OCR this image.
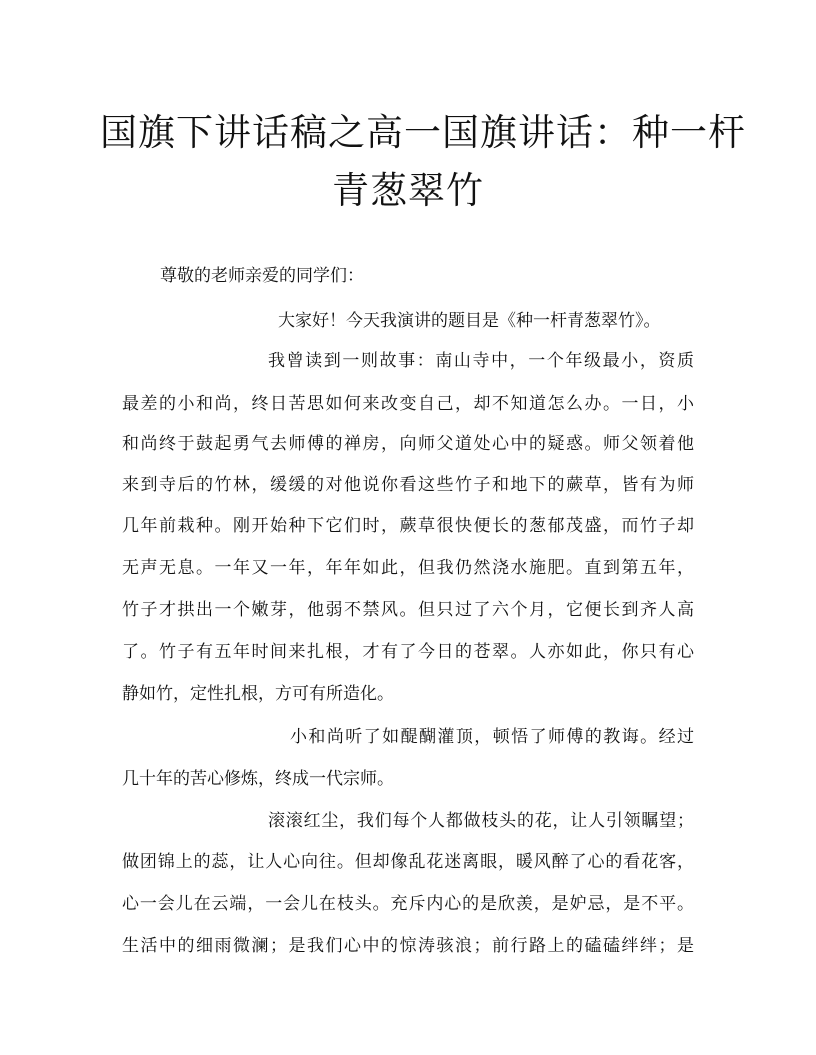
国旗下讲话稿之高一国旗讲话：种一杆
青葱翠竹

尊敬的老师亲爱的同学们：

大家好！今天我演讲的题目是《种一杆青葱翠竹》。

我曾读到一则故事：南山寺中，一个年级最小，资质

最差的小和尚，终日苦思如何来改变自己，却不知道怎么办。一日，小

和尚终于鼓起勇气去师傅的禅房，向师父道处心中的疑惑。师父领着他

来到寺后的竹林，缓缓的对他说你看这些竹子和地下的蕨草，皆有为师

几年前栽种。刚开始种下它们时，蕨草很快便长的葱郁茂盛，而竹子却

无声无息。一年又一年，年年如此，但我仍然浇水施肥。直到第五年，

竹子才拱出一个嫩芽，他弱不禁风。但只过了六个月，它便长到齐人高

了。竹子有五年时间来扎根，才有了今日的苍翠。人亦如此，你只有心

静如竹，定性扎根，方可有所造化。

小和尚听了如醍醐灌顶，顿悟了师傅的教诲。经过

几十年的苦心修炼，终成一代宗师。

滚滚红尘，我们每个人都做枝头的花，让人引领瞩望；

做团锦上的蕊，让人心向往。但却像乱花迷离眼，暖风醉了心的看花客，

心一会儿在云端，一会儿在枝头。充斥内心的是欣羡，是妒忌，是不平。

生活中的细雨微澜；是我们心中的惊涛骇浪；前行路上的磕磕绊绊；是
